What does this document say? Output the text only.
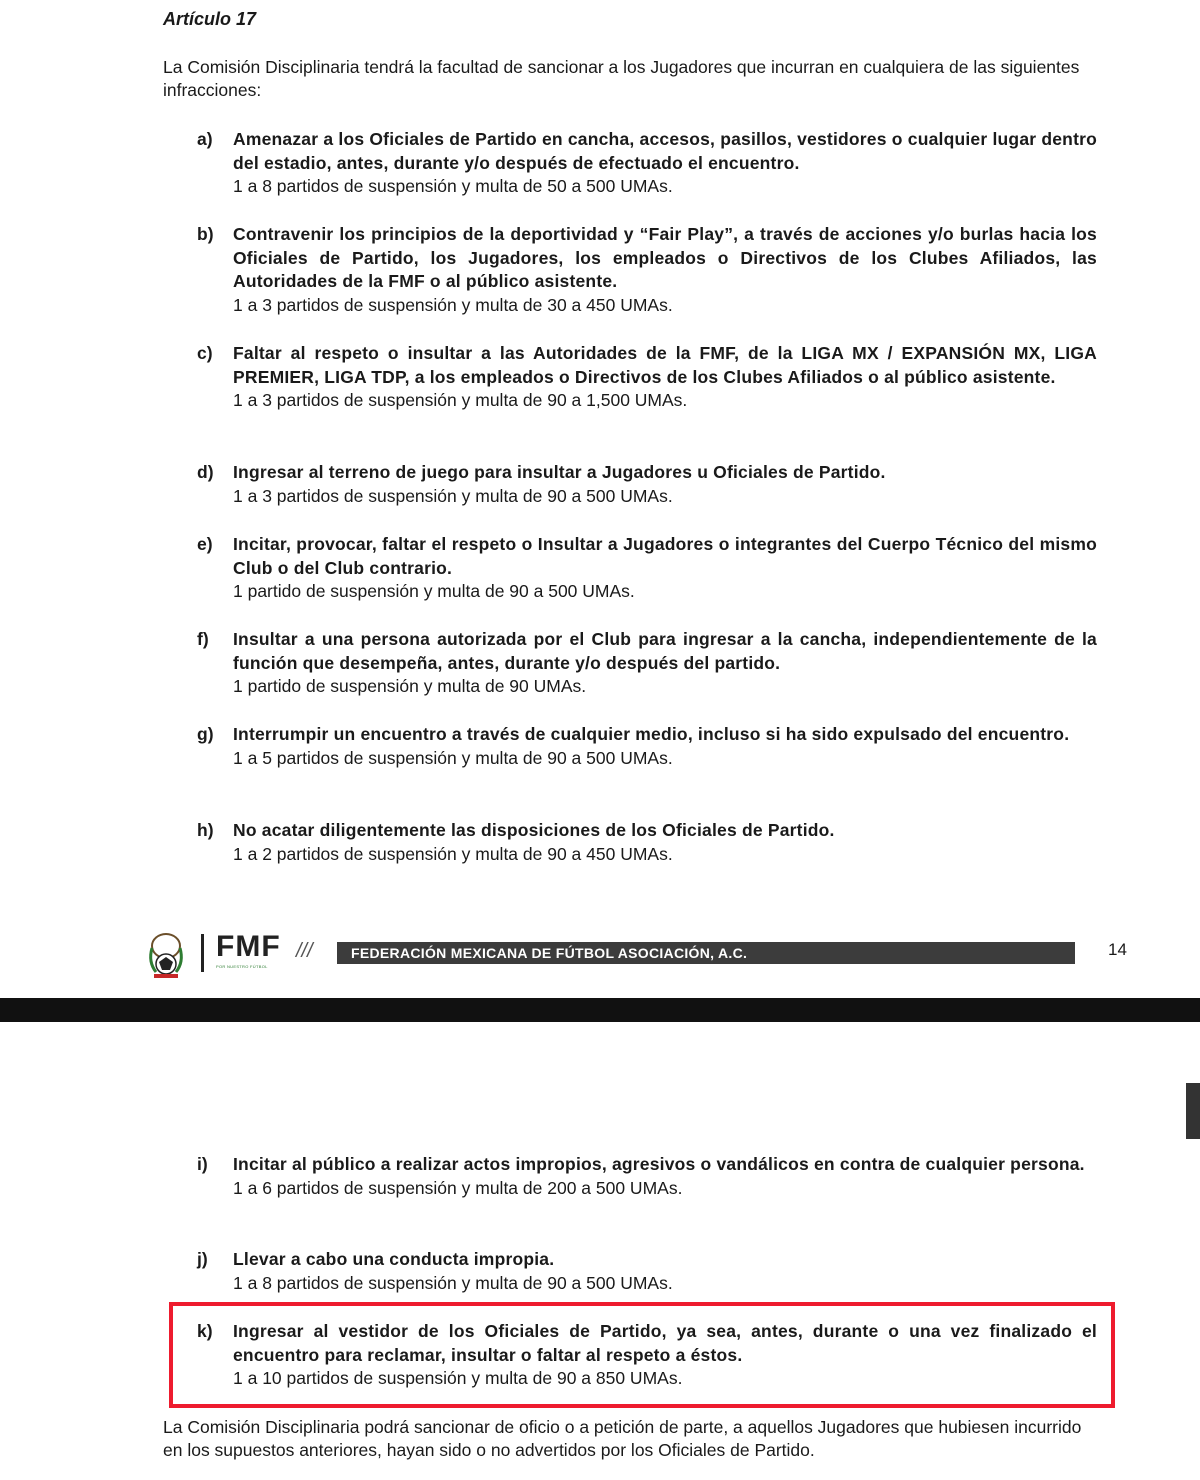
Artículo 17
La Comisión Disciplinaria tendrá la facultad de sancionar a los Jugadores que incurran en cualquiera de las siguientes infracciones:
a) Amenazar a los Oficiales de Partido en cancha, accesos, pasillos, vestidores o cualquier lugar dentro del estadio, antes, durante y/o después de efectuado el encuentro.
1 a 8 partidos de suspensión y multa de 50 a 500 UMAs.
b) Contravenir los principios de la deportividad y “Fair Play”, a través de acciones y/o burlas hacia los Oficiales de Partido, los Jugadores, los empleados o Directivos de los Clubes Afiliados, las Autoridades de la FMF o al público asistente.
1 a 3 partidos de suspensión y multa de 30 a 450 UMAs.
c) Faltar al respeto o insultar a las Autoridades de la FMF, de la LIGA MX / EXPANSIÓN MX, LIGA PREMIER, LIGA TDP, a los empleados o Directivos de los Clubes Afiliados o al público asistente.
1 a 3 partidos de suspensión y multa de 90 a 1,500 UMAs.
d) Ingresar al terreno de juego para insultar a Jugadores u Oficiales de Partido.
1 a 3 partidos de suspensión y multa de 90 a 500 UMAs.
e) Incitar, provocar, faltar el respeto o Insultar a Jugadores o integrantes del Cuerpo Técnico del mismo Club o del Club contrario.
1 partido de suspensión y multa de 90 a 500 UMAs.
f) Insultar a una persona autorizada por el Club para ingresar a la cancha, independientemente de la función que desempeña, antes, durante y/o después del partido.
1 partido de suspensión y multa de 90 UMAs.
g) Interrumpir un encuentro a través de cualquier medio, incluso si ha sido expulsado del encuentro.
1 a 5 partidos de suspensión y multa de 90 a 500 UMAs.
h) No acatar diligentemente las disposiciones de los Oficiales de Partido.
1 a 2 partidos de suspensión y multa de 90 a 450 UMAs.
FMF
POR NUESTRO FÚTBOL
///	FEDERACIÓN MEXICANA DE FÚTBOL ASOCIACIÓN, A.C.	14
i) Incitar al público a realizar actos impropios, agresivos o vandálicos en contra de cualquier persona.
1 a 6 partidos de suspensión y multa de 200 a 500 UMAs.
j) Llevar a cabo una conducta impropia.
1 a 8 partidos de suspensión y multa de 90 a 500 UMAs.
k) Ingresar al vestidor de los Oficiales de Partido, ya sea, antes, durante o una vez finalizado el encuentro para reclamar, insultar o faltar al respeto a éstos.
1 a 10 partidos de suspensión y multa de 90 a 850 UMAs.
La Comisión Disciplinaria podrá sancionar de oficio o a petición de parte, a aquellos Jugadores que hubiesen incurrido en los supuestos anteriores, hayan sido o no advertidos por los Oficiales de Partido.
